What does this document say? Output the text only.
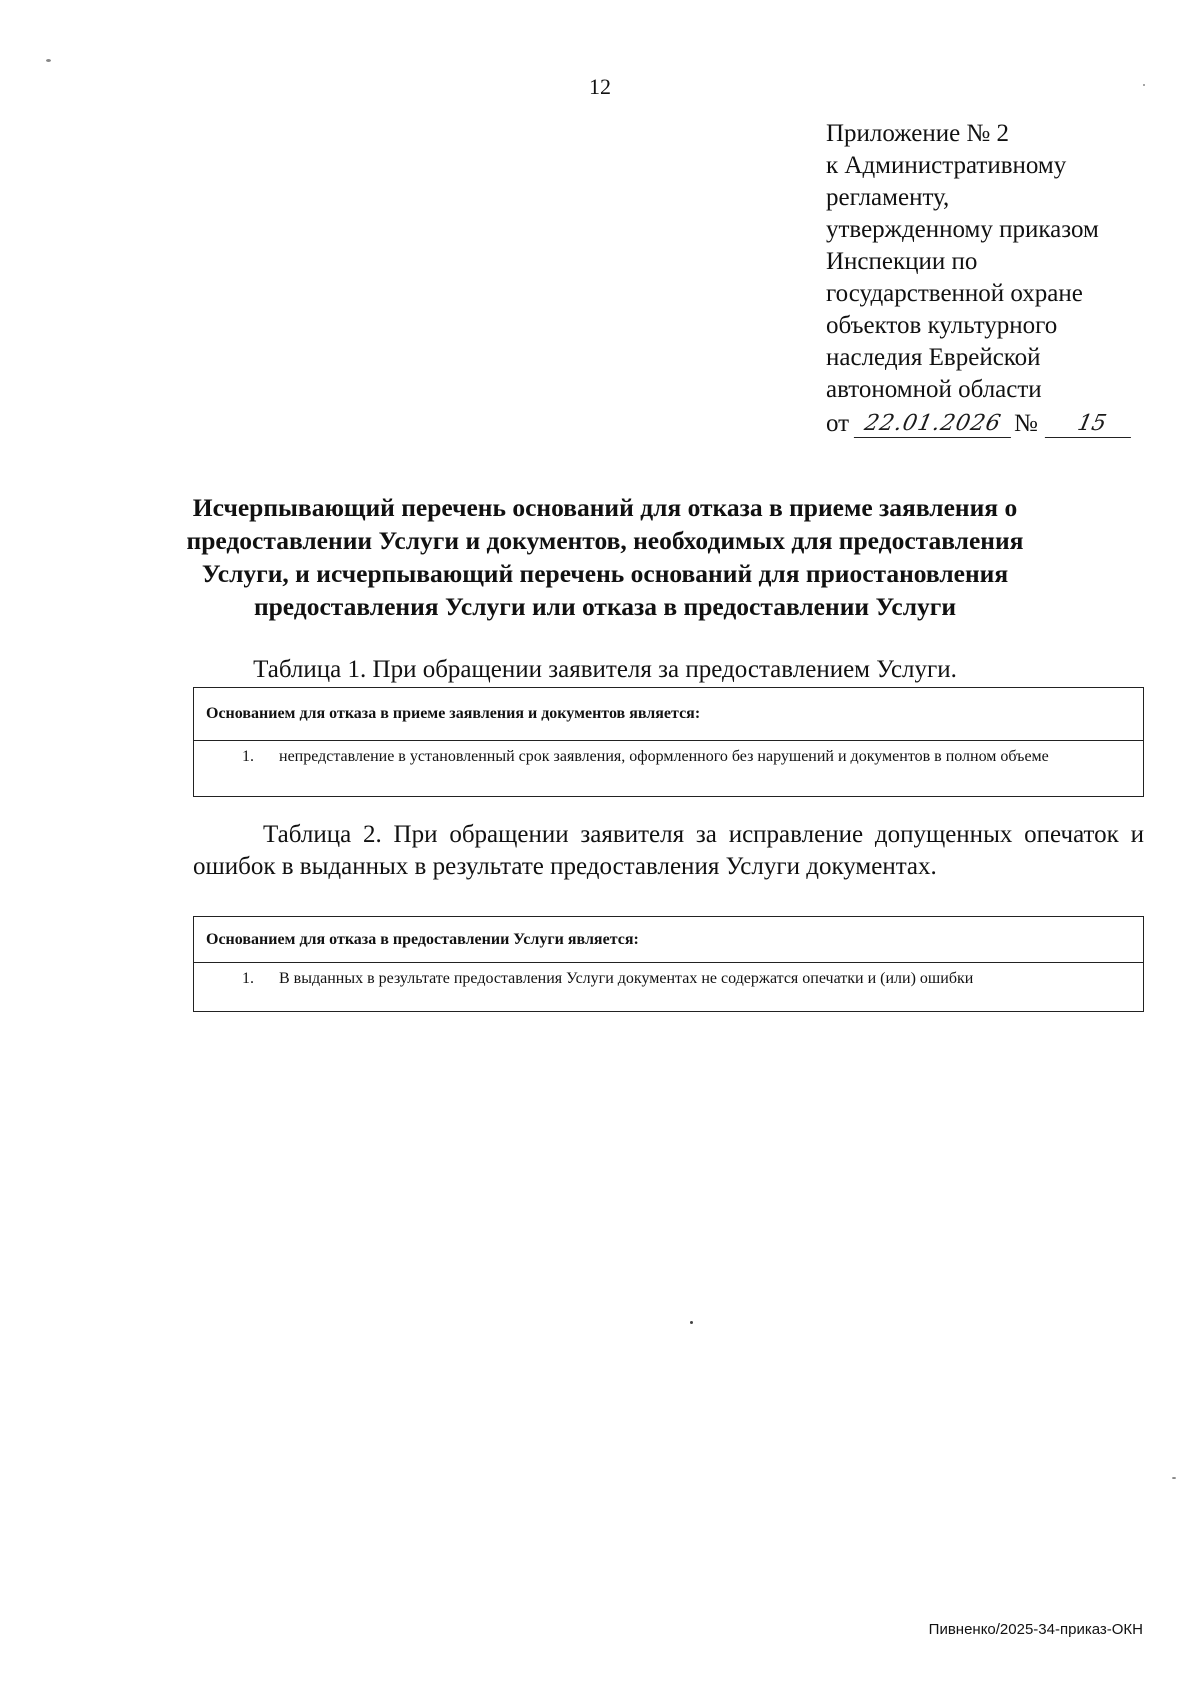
12
Приложение № 2
к Административному
регламенту,
утвержденному приказом
Инспекции по
государственной охране
объектов культурного
наследия Еврейской
автономной области
от 22.01.2026 №	15
Исчерпывающий перечень оснований для отказа в приеме заявления о предоставлении Услуги и документов, необходимых для предоставления Услуги, и исчерпывающий перечень оснований для приостановления предоставления Услуги или отказа в предоставлении Услуги
Таблица 1. При обращении заявителя за предоставлением Услуги.
Основанием для отказа в приеме заявления и документов является:
1. непредставление в установленный срок заявления, оформленного без нарушений и документов в полном объеме
Таблица 2. При обращении заявителя за исправление допущенных опечаток и ошибок в выданных в результате предоставления Услуги документах.
Основанием для отказа в предоставлении Услуги является:
1. В выданных в результате предоставления Услуги документах не содержатся опечатки и (или) ошибки
Пивненко/2025-34-приказ-ОКН
